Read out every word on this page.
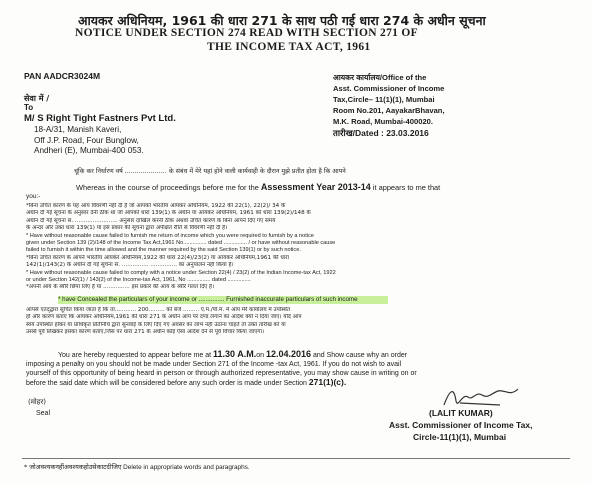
आयकर अधिनियम, 1961 की धारा 271 के साथ पठी गई धारा 274 के अधीन सूचना
NOTICE UNDER SECTION 274 READ WITH SECTION 271 OF
THE INCOME TAX ACT, 1961
PAN AADCR3024M	आयकर कार्यालय/Office of the
Asst. Commissioner of Income
Tax,Circle– 11(1)(1), Mumbai
Room No.201, AayakarBhavan,
M.K. Road, Mumbai-400020.
तारीख/Dated : 23.03.2016
सेवा में /
To
M/ S Right Tight Fastners Pvt Ltd.
18-A/31, Manish Kaveri,
Off J.P. Road, Four Bunglow,
Andheri (E), Mumbai-400 053.
चूंकि कर निर्धारण वर्ष ..................... के संबंध में मेरे यहां होने वाली कार्यवाही के दौरान मुझे प्रतीत होता है कि आपने
Whereas in the course of proceedings before me for the Assessment Year 2013-14 it appears to me that
you:-
*बिना उचित कारण के यह आय विवरणी नहीं दी है जो आपको भारतीय आयकर अधिनियम, 1922 की 22(1), 22(2)/ 34 के
अधीन दी गई सूचना के अनुसार देनी ठीक था जो आपको धारा 139(1) के अधीन या आयकर अधिनियम, 1961 को धारा 139(2)/148 के
अधीन दी गई सूचना सं. ........................ अनुसार दाखिल करनी ठीक अथवा उचित कारण के बिना आपने दिए गए समय
के अन्दर और उक्त धारा 139(1) या इस प्रकार की सूचना द्वारा अपेक्षित रीति से विवरणी नहीं दी है।
* Have without reasonable cause failed to furnish me return of income which you were required to furnish by a notice
given under Section 139 (2)/148 of the Income Tax Act,1961 No............... dated ............... / or have without reasonable cause
failed to furnish it within the time allowed and the manner required by the said Section 139(1) or by such notice.
*बिना उचित कारण के आपने भारतीय आयकर अधिनियम,1922 की धारा 22(4)/23(2) या आयकर अधिनियम,1961 की धारा
142(1)/143(2) के अधीन दी गई सूचना सं. ............... ............... का अनुपालन नहीं किया है।
* Have without reasonable cause failed to comply with a notice under Section 22(4) / 23(2) of the Indian Income-tax Act, 1922
or under Section 142(1) / 143(2) of the Income-tax Act, 1961, No ............... dated ...............
*अपनी आय के ब्यौरे छिपा लिए हैं या ............... इस प्रकार की आय के ब्यौरे गलत दिए हैं।
* have Concealed the particulars of your income or ............... Furnished inaccurate particulars of such income
आपसे एतद्‌द्वारा सूचित किया जाता है कि ता............ 200......... को बजे ......... ए.म./पी.म. में आप मेरे कार्यालय में उपस्थित
हो और कारण बताएं कि आयकर अधिनियम,1961 की धारा 271 के अधीन आप पर दण्ड लगाने का आदेश क्यों न दिया जाए। यदि आप
स्वयं उपस्थित होकर या प्राधिकृत प्रतिनिधि द्वारा सुनवाई के लिए दिए गए अवसर का लाभ नहीं उठाना चाहते तो उक्त तारीख को या
उससे पूर्व लिखकर इसका कारण बताएं,जिस पर धारा 271 के अधीन कोई ऐसा आदेश देने से पूर्व विचार किया जाएगा।
You are hereby requested to appear before me at 11.30 A.M.on 12.04.2016 and Show cause why an order
imposing a penalty on you should not be made under Section 271 of the Income -tax Act, 1961. If you do not wish to avail
yourself of this opportunity of being heard in person or through authorized representative, you may show cause in writing on or
before the said date which will be considered before any such order is made under Section 271(1)(c).
(मोहर)
Seal	(LALIT KUMAR)
Asst. Commissioner of Income Tax,
Circle-11(1)(1), Mumbai
* जोअवश्यकनहींअवश्यकहोउसेकाटदीजिए Delete in appropriate words and paragraphs.
